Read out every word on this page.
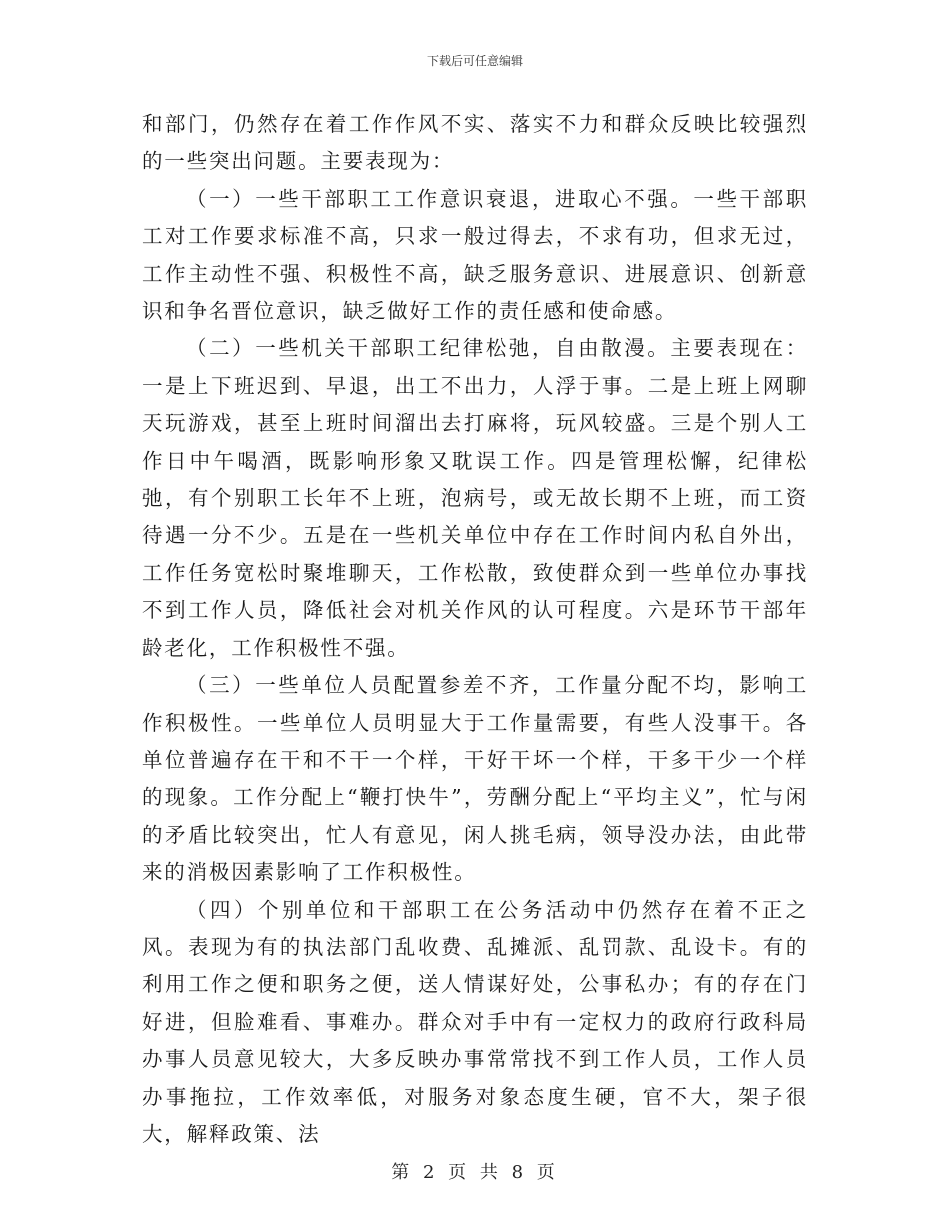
下载后可任意编辑

和部门，仍然存在着工作作风不实、落实不力和群众反映比较强烈的一些突出问题。主要表现为：

（一）一些干部职工工作意识衰退，进取心不强。一些干部职工对工作要求标准不高，只求一般过得去，不求有功，但求无过，工作主动性不强、积极性不高，缺乏服务意识、进展意识、创新意识和争名晋位意识，缺乏做好工作的责任感和使命感。

（二）一些机关干部职工纪律松弛，自由散漫。主要表现在：一是上下班迟到、早退，出工不出力，人浮于事。二是上班上网聊天玩游戏，甚至上班时间溜出去打麻将，玩风较盛。三是个别人工作日中午喝酒，既影响形象又耽误工作。四是管理松懈，纪律松弛，有个别职工长年不上班，泡病号，或无故长期不上班，而工资待遇一分不少。五是在一些机关单位中存在工作时间内私自外出，工作任务宽松时聚堆聊天，工作松散，致使群众到一些单位办事找不到工作人员，降低社会对机关作风的认可程度。六是环节干部年龄老化，工作积极性不强。

（三）一些单位人员配置参差不齐，工作量分配不均，影响工作积极性。一些单位人员明显大于工作量需要，有些人没事干。各单位普遍存在干和不干一个样，干好干坏一个样，干多干少一个样的现象。工作分配上“鞭打快牛”，劳酬分配上“平均主义”，忙与闲的矛盾比较突出，忙人有意见，闲人挑毛病，领导没办法，由此带来的消极因素影响了工作积极性。

（四）个别单位和干部职工在公务活动中仍然存在着不正之风。表现为有的执法部门乱收费、乱摊派、乱罚款、乱设卡。有的利用工作之便和职务之便，送人情谋好处，公事私办；有的存在门好进，但脸难看、事难办。群众对手中有一定权力的政府行政科局办事人员意见较大，大多反映办事常常找不到工作人员，工作人员办事拖拉，工作效率低，对服务对象态度生硬，官不大，架子很大，解释政策、法

第 2 页 共 8 页
